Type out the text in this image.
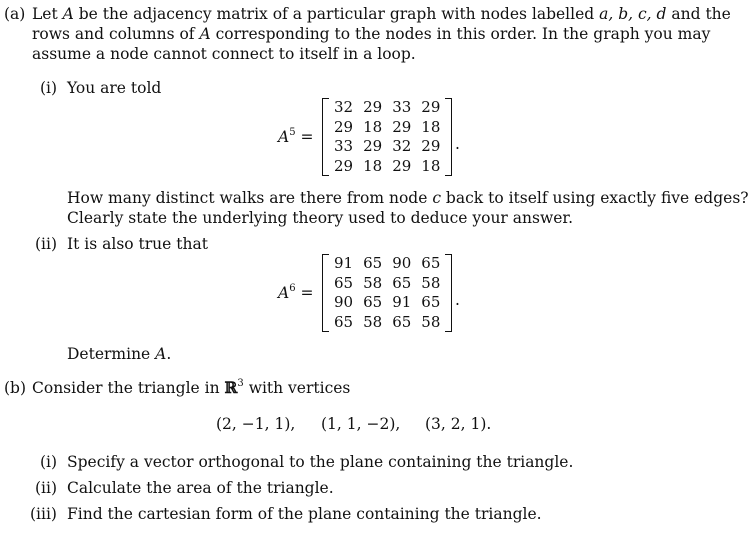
(a) Let A be the adjacency matrix of a particular graph with nodes labelled a, b, c, d and the
rows and columns of A corresponding to the nodes in this order. In the graph you may
assume a node cannot connect to itself in a loop.
(i) You are told
$A^5$ =
32	29	33	29
29	18	29	18
33	29	32	29
29	18	29	18
.
How many distinct walks are there from node c back to itself using exactly five edges?
Clearly state the underlying theory used to deduce your answer.
(ii) It is also true that
$A^6$ =
91	65	90	65
65	58	65	58
90	65	91	65
65	58	65	58
.
Determine A.
(b) Consider the triangle in ℝ$^3$ with vertices
(2, −1, 1), (1, 1, −2), (3, 2, 1).
(i) Specify a vector orthogonal to the plane containing the triangle.
(ii) Calculate the area of the triangle.
(iii) Find the cartesian form of the plane containing the triangle.
